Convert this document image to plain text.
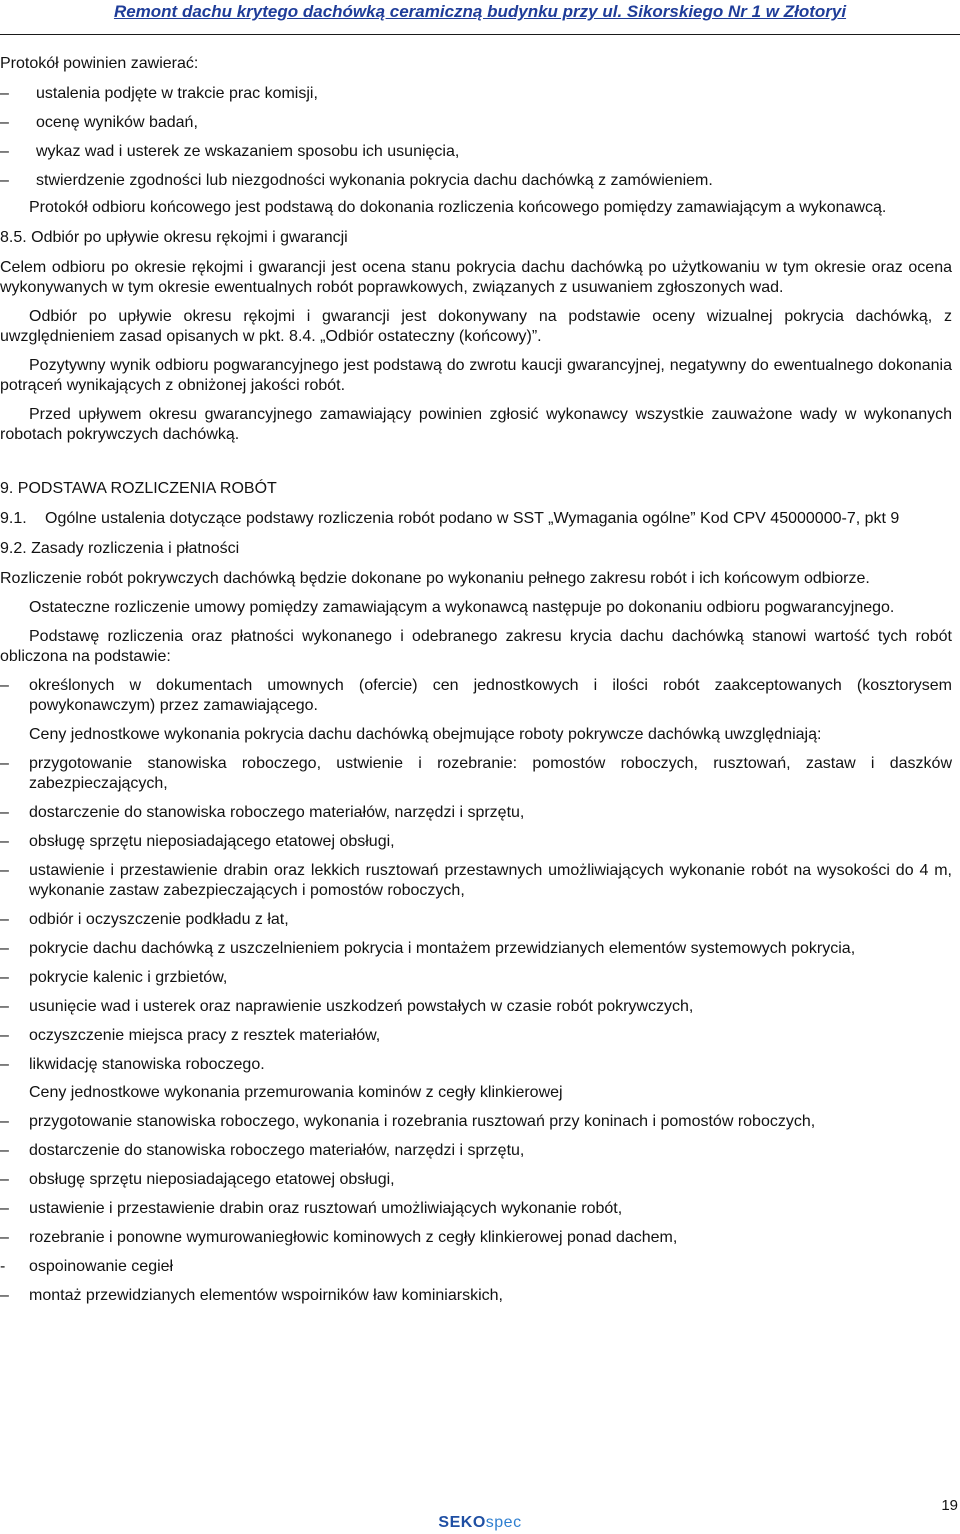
Remont dachu krytego dachówką ceramiczną budynku przy ul. Sikorskiego Nr 1 w Złotoryi

Protokół powinien zawierać:

– ustalenia podjęte w trakcie prac komisji,
– ocenę wyników badań,
– wykaz wad i usterek ze wskazaniem sposobu ich usunięcia,
– stwierdzenie zgodności lub niezgodności wykonania pokrycia dachu dachówką z zamówieniem.

Protokół odbioru końcowego jest podstawą do dokonania rozliczenia końcowego pomiędzy zamawiającym a wykonawcą.

8.5. Odbiór po upływie okresu rękojmi i gwarancji

Celem odbioru po okresie rękojmi i gwarancji jest ocena stanu pokrycia dachu dachówką po użytkowaniu w tym okresie oraz ocena wykonywanych w tym okresie ewentualnych robót poprawkowych, związanych z usuwaniem zgłoszonych wad.

Odbiór po upływie okresu rękojmi i gwarancji jest dokonywany na podstawie oceny wizualnej pokrycia dachówką, z uwzględnieniem zasad opisanych w pkt. 8.4. „Odbiór ostateczny (końcowy)”.

Pozytywny wynik odbioru pogwarancyjnego jest podstawą do zwrotu kaucji gwarancyjnej, negatywny do ewentualnego dokonania potrąceń wynikających z obniżonej jakości robót.

Przed upływem okresu gwarancyjnego zamawiający powinien zgłosić wykonawcy wszystkie zauważone wady w wykonanych robotach pokrywczych dachówką.

9. PODSTAWA ROZLICZENIA ROBÓT

9.1. Ogólne ustalenia dotyczące podstawy rozliczenia robót podano w SST „Wymagania ogólne” Kod CPV 45000000-7, pkt 9

9.2. Zasady rozliczenia i płatności

Rozliczenie robót pokrywczych dachówką będzie dokonane po wykonaniu pełnego zakresu robót i ich końcowym odbiorze.

Ostateczne rozliczenie umowy pomiędzy zamawiającym a wykonawcą następuje po dokonaniu odbioru pogwarancyjnego.

Podstawę rozliczenia oraz płatności wykonanego i odebranego zakresu krycia dachu dachówką stanowi wartość tych robót obliczona na podstawie:

–	określonych w dokumentach umownych (ofercie) cen jednostkowych i ilości robót zaakceptowanych (kosztorysem powykonawczym) przez zamawiającego.

Ceny jednostkowe wykonania pokrycia dachu dachówką obejmujące roboty pokrywcze dachówką uwzględniają:

–	przygotowanie stanowiska roboczego, ustwienie i rozebranie: pomostów roboczych, rusztowań, zastaw i daszków zabezpieczających,
–	dostarczenie do stanowiska roboczego materiałów, narzędzi i sprzętu,
–	obsługę sprzętu nieposiadającego etatowej obsługi,
–	ustawienie i przestawienie drabin oraz lekkich rusztowań przestawnych umożliwiających wykonanie robót na wysokości do 4 m, wykonanie zastaw zabezpieczających i pomostów roboczych,
–	odbiór i oczyszczenie podkładu z łat,
–	pokrycie dachu dachówką z uszczelnieniem pokrycia i montażem przewidzianych elementów systemowych pokrycia,
–	pokrycie kalenic i grzbietów,
–	usunięcie wad i usterek oraz naprawienie uszkodzeń powstałych w czasie robót pokrywczych,
–	oczyszczenie miejsca pracy z resztek materiałów,
–	likwidację stanowiska roboczego.

Ceny jednostkowe wykonania przemurowania kominów z cegły klinkierowej

–	przygotowanie stanowiska roboczego, wykonania i rozebrania rusztowań przy koninach i pomostów roboczych,
–	dostarczenie do stanowiska roboczego materiałów, narzędzi i sprzętu,
–	obsługę sprzętu nieposiadającego etatowej obsługi,
–	ustawienie i przestawienie drabin oraz rusztowań umożliwiających wykonanie robót,
–	rozebranie i ponowne wymurowaniegłowic kominowych z cegły klinkierowej ponad dachem,
-	ospoinowanie cegieł
–	montaż przewidzianych elementów wspoirników ław kominiarskich,
19
SEKOspec
